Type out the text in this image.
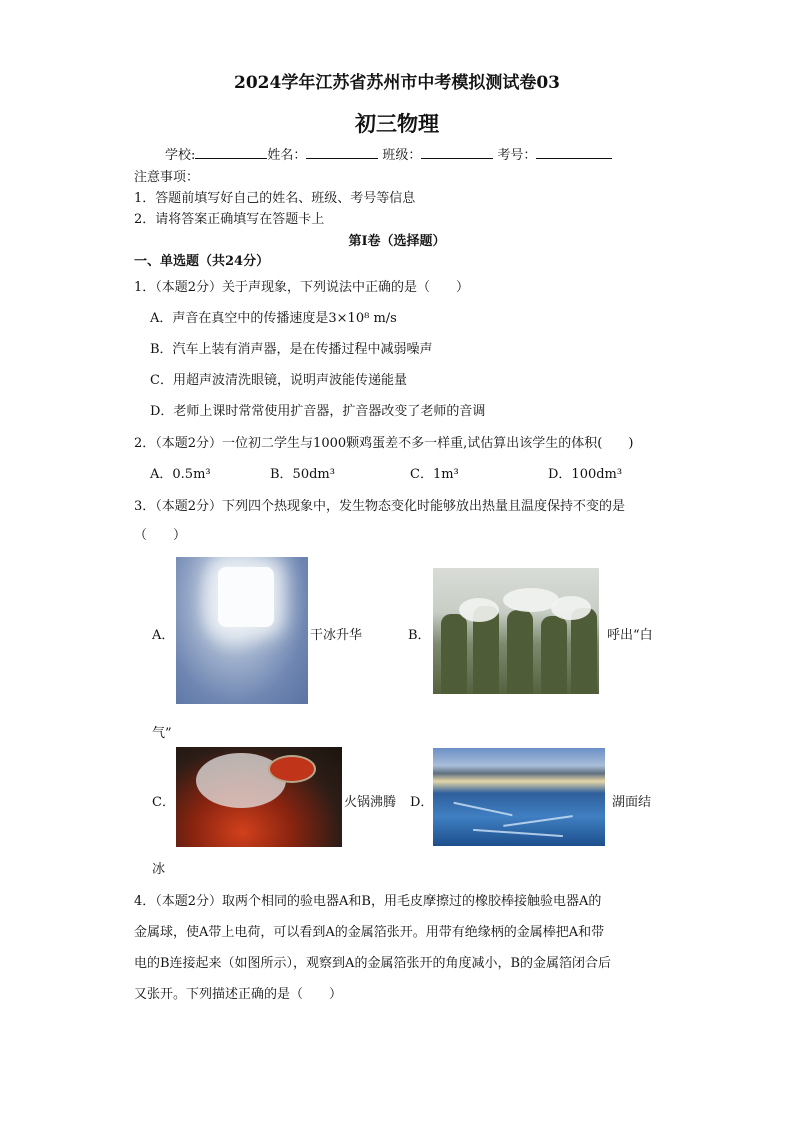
2024学年江苏省苏州市中考模拟测试卷03
初三物理
学校:	姓名：	班级：	考号：
注意事项：
1．答题前填写好自己的姓名、班级、考号等信息
2．请将答案正确填写在答题卡上
第I卷（选择题）
一、单选题（共24分）
1．（本题2分）关于声现象，下列说法中正确的是（　　）
A．声音在真空中的传播速度是3×10⁸ m/s
B．汽车上装有消声器，是在传播过程中减弱噪声
C．用超声波清洗眼镜，说明声波能传递能量
D．老师上课时常常使用扩音器，扩音器改变了老师的音调
2．（本题2分）一位初二学生与1000颗鸡蛋差不多一样重,试估算出该学生的体积(　　)
A．0.5m³	B．50dm³	C．1m³	D．100dm³
3．（本题2分）下列四个热现象中，发生物态变化时能够放出热量且温度保持不变的是
（　　）
A．	干冰升华	B．	呼出“白
气”
C．	火锅沸腾 D．	湖面结
冰
4．（本题2分）取两个相同的验电器A和B，用毛皮摩擦过的橡胶棒接触验电器A的
金属球，使A带上电荷，可以看到A的金属箔张开。用带有绝缘柄的金属棒把A和带
电的B连接起来（如图所示），观察到A的金属箔张开的角度减小，B的金属箔闭合后
又张开。下列描述正确的是（　　）
